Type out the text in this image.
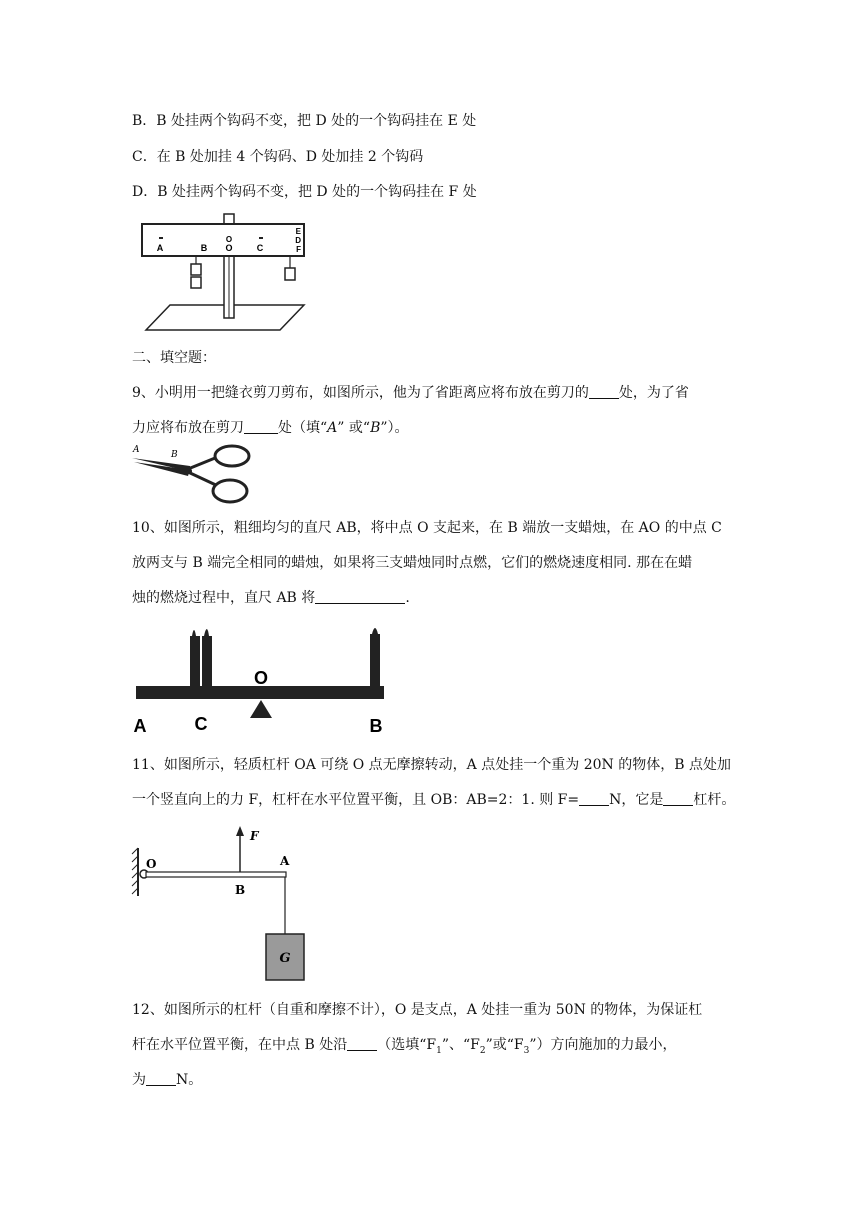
B．B 处挂两个钩码不变，把 D 处的一个钩码挂在 E 处
C．在 B 处加挂 4 个钩码、D 处加挂 2 个钩码
D．B 处挂两个钩码不变，把 D 处的一个钩码挂在 F 处
A	B
O
O	C
E
D
F
二、填空题：
9、小明用一把缝衣剪刀剪布，如图所示，他为了省距离应将布放在剪刀的 处，为了省
力应将布放在剪刀 处（填“A” 或“B”）。
A	B
10、如图所示，粗细均匀的直尺 AB，将中点 O 支起来，在 B 端放一支蜡烛，在 AO 的中点 C
放两支与 B 端完全相同的蜡烛，如果将三支蜡烛同时点燃，它们的燃烧速度相同. 那在在蜡
烛的燃烧过程中，直尺 AB 将	.
O
A	C	B
11、如图所示，轻质杠杆 OA 可绕 O 点无摩擦转动，A 点处挂一个重为 20N 的物体，B 点处加
一个竖直向上的力 F，杠杆在水平位置平衡，且 OB：AB=2：1. 则 F= N，它是 杠杆。
F
O	A
B
G
12、如图所示的杠杆（自重和摩擦不计），O 是支点，A 处挂一重为 50N 的物体，为保证杠
杆在水平位置平衡，在中点 B 处沿 （选填“$F_1$”、“$F_2$”或“$F_3$”）方向施加的力最小，
为 N。
